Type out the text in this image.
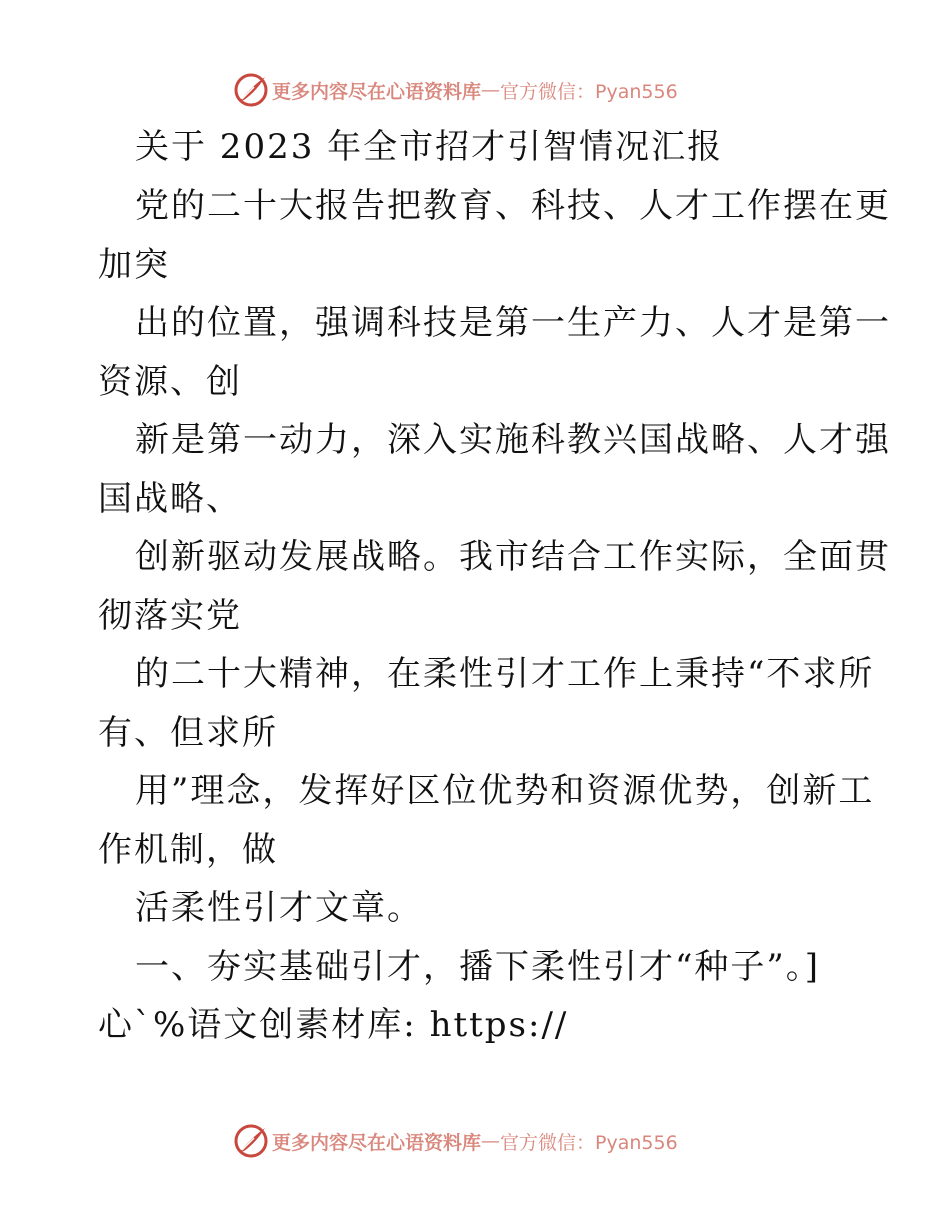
更多内容尽在心语资料库 — 官方微信：Pyan556
关于 2023 年全市招才引智情况汇报
党的二十大报告把教育、科技、人才工作摆在更
加突
出的位置，强调科技是第一生产力、人才是第一
资源、创
新是第一动力，深入实施科教兴国战略、人才强
国战略、
创新驱动发展战略。我市结合工作实际，全面贯
彻落实党
的二十大精神，在柔性引才工作上秉持“不求所
有、但求所
用”理念，发挥好区位优势和资源优势，创新工
作机制，做
活柔性引才文章。
一、夯实基础引才，播下柔性引才“种子”。]
心`%语文创素材库: https://
更多内容尽在心语资料库 — 官方微信：Pyan556
